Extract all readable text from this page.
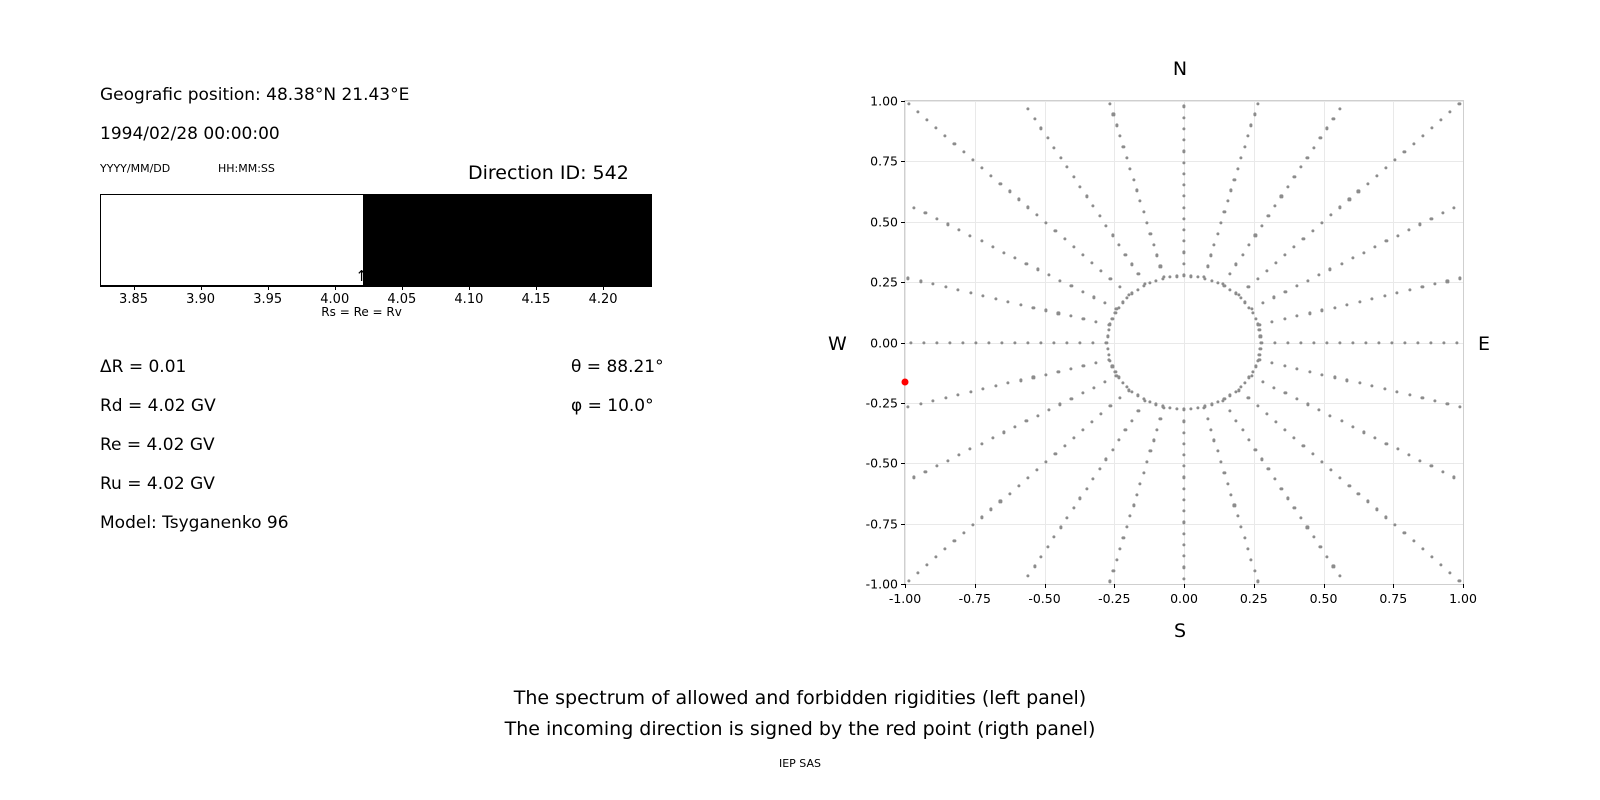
Geografic position: 48.38°N 21.43°E
1994/02/28 00:00:00
YYYY/MM/DD	HH:MM:SS	Direction ID: 542
3.85	3.90	3.95	4.00	4.05	4.10	4.15	4.20
↑
Rs = Re = Rv
ΔR = 0.01
Rd = 4.02 GV
Re = 4.02 GV
Ru = 4.02 GV
Model: Tsyganenko 96
θ = 88.21°
φ = 10.0°
N
S
W	E
-1.00	-0.75	-0.50	-0.25	0.00	0.25	0.50	0.75	1.00
-1.00
-0.75
-0.50
-0.25
0.00
0.25
0.50
0.75
1.00
The spectrum of allowed and forbidden rigidities (left panel)
The incoming direction is signed by the red point (rigth panel)
IEP SAS
